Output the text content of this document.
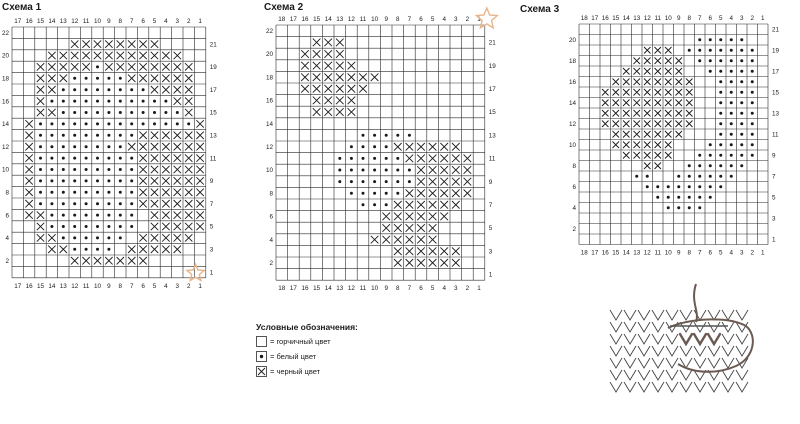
Схема 1
17
17
16
16
15
15
14
14
13
13
12
12
11
11
10
10
9
9
8
8
7
7
6
6
5
5
4
4
3
3
2
2
1
1
22
20
18
16
14
12
10
8
6
4
2
21
19
17
15
13
11
9
7
5
3
1
Схема 2
18
18
17
17
16
16
15
15
14
14
13
13
12
12
11
11
10
10
9
9
8
8
7
7
6
6
5
5
4
4
3
3
2
2
1
1
22
20
18
16
14
12
10
8
6
4
2
21
19
17
15
13
11
9
7
5
3
1
Схема 3
18
18
17
17
16
16
15
15
14
14
13
13
12
12
11
11
10
10
9
9
8
8
7
7
6
6
5
5
4
4
3
3
2
2
1
1
20
18
16
14
12
10
8
6
4
2
21
19
17
15
13
11
9
7
5
3
1
Условные обозначения:
= горчичный цвет
= белый цвет
= черный цвет
